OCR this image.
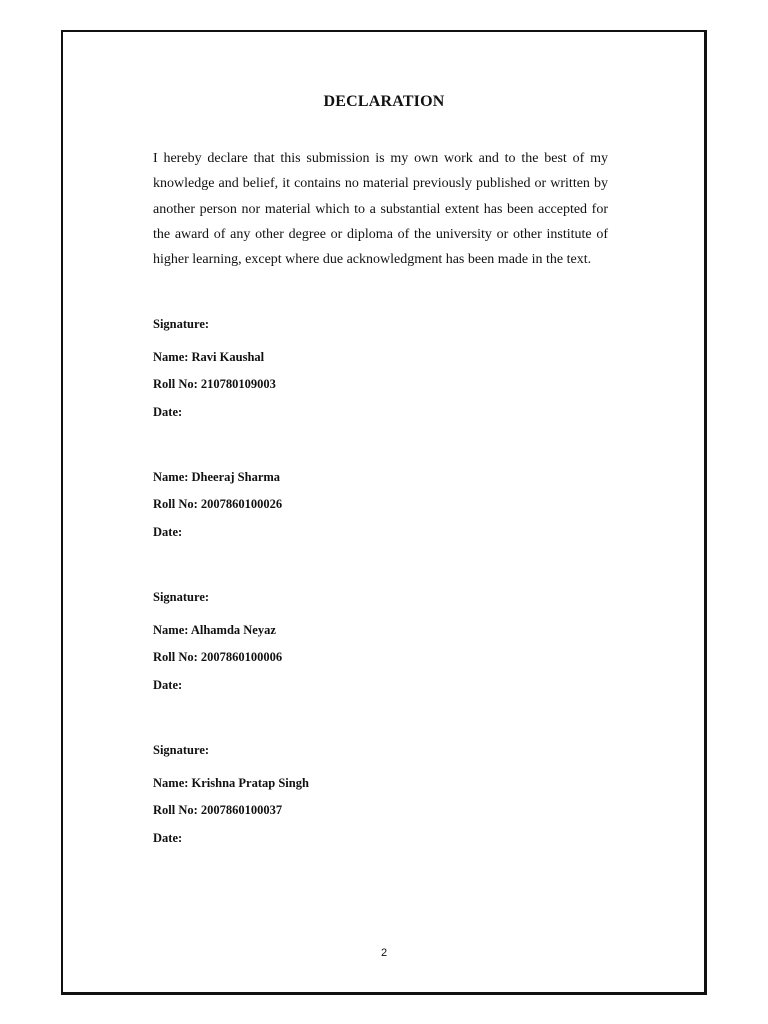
DECLARATION

I hereby declare that this submission is my own work and to the best of my knowledge and belief, it contains no material previously published or written by another person nor material which to a substantial extent has been accepted for the award of any other degree or diploma of the university or other institute of higher learning, except where due acknowledgment has been made in the text.

Signature:

Name: Ravi Kaushal

Roll No: 210780109003

Date:

Name: Dheeraj Sharma

Roll No: 2007860100026

Date:

Signature:

Name: Alhamda Neyaz

Roll No: 2007860100006

Date:

Signature:

Name: Krishna Pratap Singh

Roll No: 2007860100037

Date:

2
